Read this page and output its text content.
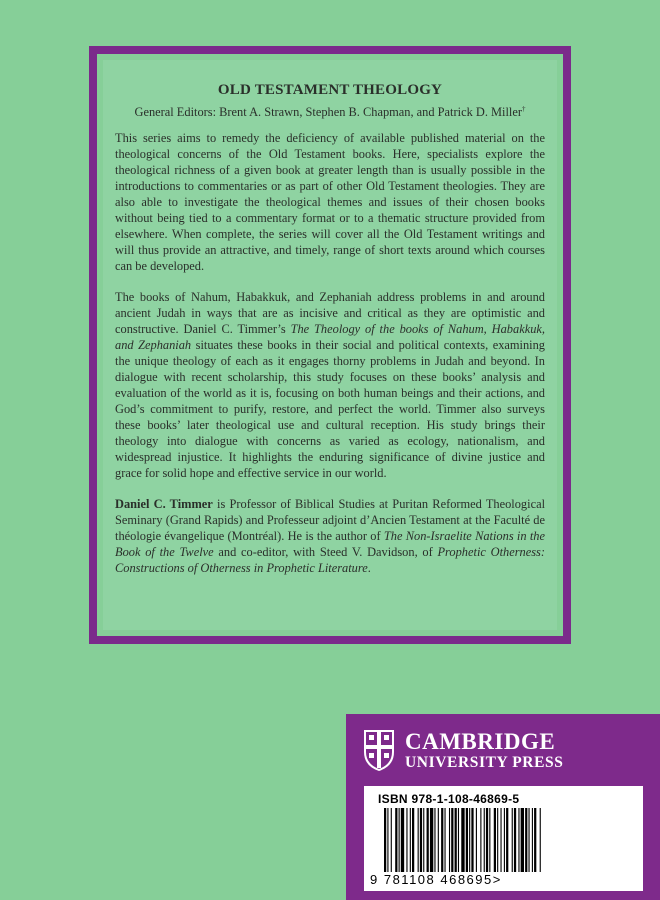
OLD TESTAMENT THEOLOGY
General Editors: Brent A. Strawn, Stephen B. Chapman, and Patrick D. Miller†

This series aims to remedy the deficiency of available published material on the theological concerns of the Old Testament books. Here, specialists explore the theological richness of a given book at greater length than is usually possible in the introductions to commentaries or as part of other Old Testament theologies. They are also able to investigate the theological themes and issues of their chosen books without being tied to a commentary format or to a thematic structure provided from elsewhere. When complete, the series will cover all the Old Testament writings and will thus provide an attractive, and timely, range of short texts around which courses can be developed.

The books of Nahum, Habakkuk, and Zephaniah address problems in and around ancient Judah in ways that are as incisive and critical as they are optimistic and constructive. Daniel C. Timmer’s The Theology of the books of Nahum, Habakkuk, and Zephaniah situates these books in their social and political contexts, examining the unique theology of each as it engages thorny problems in Judah and beyond. In dialogue with recent scholarship, this study focuses on these books’ analysis and evaluation of the world as it is, focusing on both human beings and their actions, and God’s commitment to purify, restore, and perfect the world. Timmer also surveys these books’ later theological use and cultural reception. His study brings their theology into dialogue with concerns as varied as ecology, nationalism, and widespread injustice. It highlights the enduring significance of divine justice and grace for solid hope and effective service in our world.

Daniel C. Timmer is Professor of Biblical Studies at Puritan Reformed Theological Seminary (Grand Rapids) and Professeur adjoint d’Ancien Testament at the Faculté de théologie évangelique (Montréal). He is the author of The Non-Israelite Nations in the Book of the Twelve and co-editor, with Steed V. Davidson, of Prophetic Otherness: Constructions of Otherness in Prophetic Literature.

CAMBRIDGE
UNIVERSITY PRESS
ISBN 978-1-108-46869-5
9 781108 468695>
